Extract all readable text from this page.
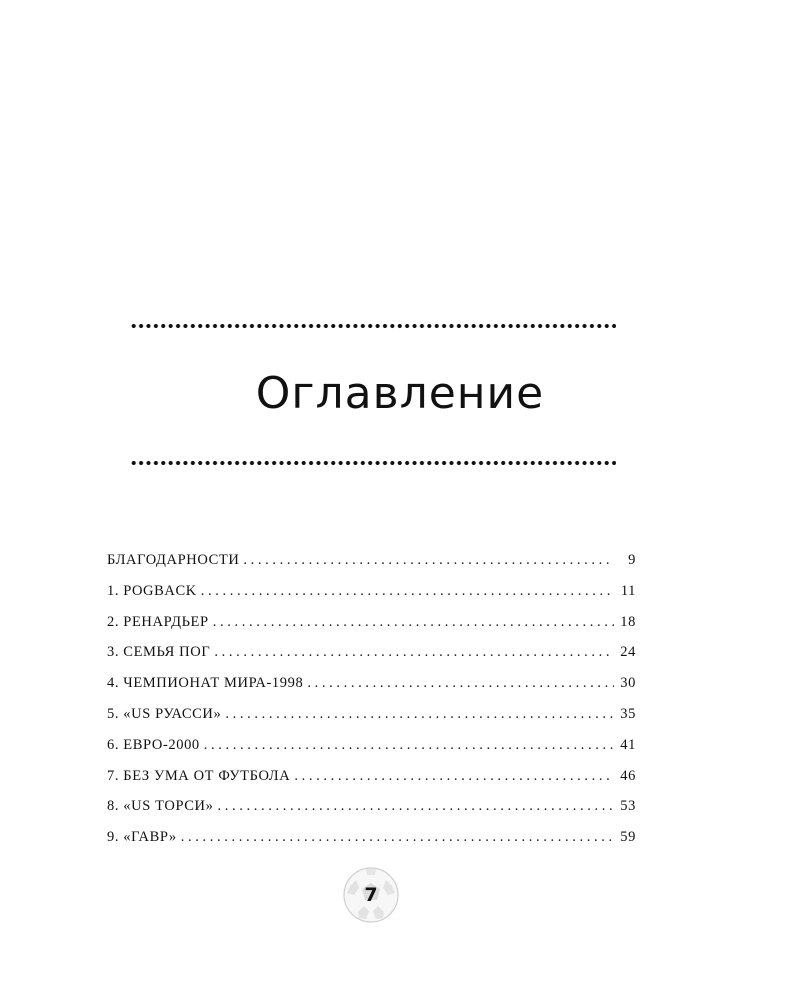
Оглавление
БЛАГОДАРНОСТИ . . .	9
1. POGBACK . . .	11
2. РЕНАРДЬЕР . . .	18
3. СЕМЬЯ ПОГ . . .	24
4. ЧЕМПИОНАТ МИРА-1998 . . .	30
5. «US РУАССИ» . . .	35
6. ЕВРО-2000 . . .	41
7. БЕЗ УМА ОТ ФУТБОЛА . . .	46
8. «US ТОРСИ» . . .	53
9. «ГАВР» . . .	59
7
